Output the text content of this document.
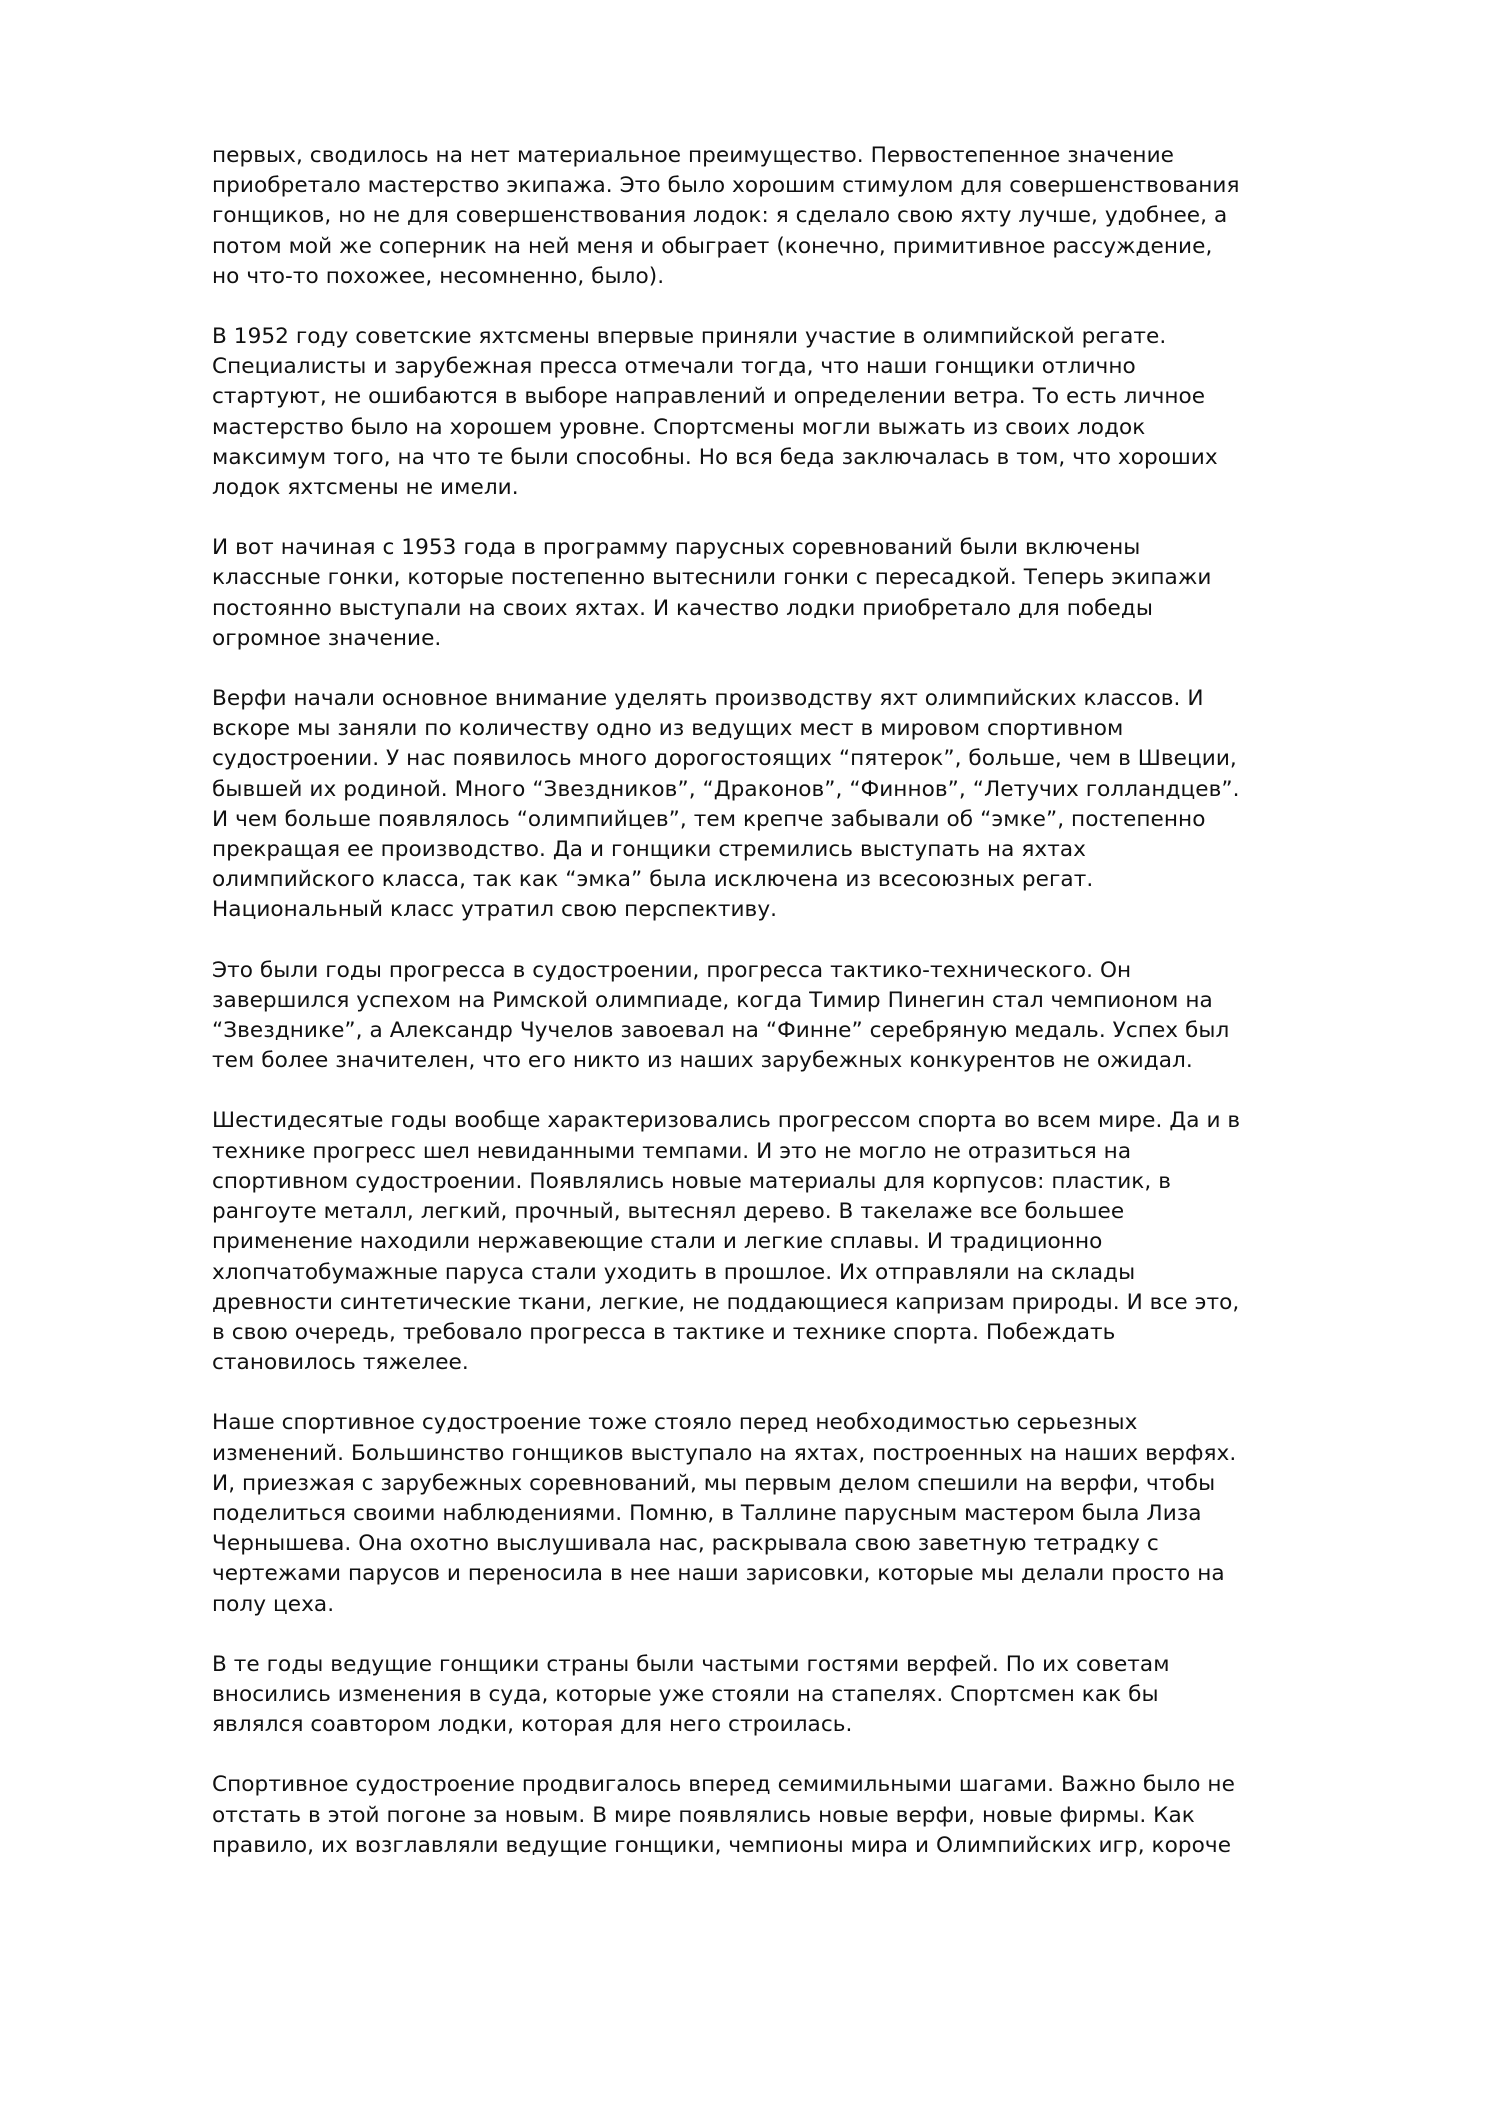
первых, сводилось на нет материальное преимущество. Первостепенное значение
приобретало мастерство экипажа. Это было хорошим стимулом для совершенствования
гонщиков, но не для совершенствования лодок: я сделало свою яхту лучше, удобнее, а
потом мой же соперник на ней меня и обыграет (конечно, примитивное рассуждение,
но что-то похожее, несомненно, было).
В 1952 году советские яхтсмены впервые приняли участие в олимпийской регате.
Специалисты и зарубежная пресса отмечали тогда, что наши гонщики отлично
стартуют, не ошибаются в выборе направлений и определении ветра. То есть личное
мастерство было на хорошем уровне. Спортсмены могли выжать из своих лодок
максимум того, на что те были способны. Но вся беда заключалась в том, что хороших
лодок яхтсмены не имели.
И вот начиная с 1953 года в программу парусных соревнований были включены
классные гонки, которые постепенно вытеснили гонки с пересадкой. Теперь экипажи
постоянно выступали на своих яхтах. И качество лодки приобретало для победы
огромное значение.
Верфи начали основное внимание уделять производству яхт олимпийских классов. И
вскоре мы заняли по количеству одно из ведущих мест в мировом спортивном
судостроении. У нас появилось много дорогостоящих “пятерок”, больше, чем в Швеции,
бывшей их родиной. Много “Звездников”, “Драконов”, “Финнов”, “Летучих голландцев”.
И чем больше появлялось “олимпийцев”, тем крепче забывали об “эмке”, постепенно
прекращая ее производство. Да и гонщики стремились выступать на яхтах
олимпийского класса, так как “эмка” была исключена из всесоюзных регат.
Национальный класс утратил свою перспективу.
Это были годы прогресса в судостроении, прогресса тактико-технического. Он
завершился успехом на Римской олимпиаде, когда Тимир Пинегин стал чемпионом на
“Звезднике”, а Александр Чучелов завоевал на “Финне” серебряную медаль. Успех был
тем более значителен, что его никто из наших зарубежных конкурентов не ожидал.
Шестидесятые годы вообще характеризовались прогрессом спорта во всем мире. Да и в
технике прогресс шел невиданными темпами. И это не могло не отразиться на
спортивном судостроении. Появлялись новые материалы для корпусов: пластик, в
рангоуте металл, легкий, прочный, вытеснял дерево. В такелаже все большее
применение находили нержавеющие стали и легкие сплавы. И традиционно
хлопчатобумажные паруса стали уходить в прошлое. Их отправляли на склады
древности синтетические ткани, легкие, не поддающиеся капризам природы. И все это,
в свою очередь, требовало прогресса в тактике и технике спорта. Побеждать
становилось тяжелее.
Наше спортивное судостроение тоже стояло перед необходимостью серьезных
изменений. Большинство гонщиков выступало на яхтах, построенных на наших верфях.
И, приезжая с зарубежных соревнований, мы первым делом спешили на верфи, чтобы
поделиться своими наблюдениями. Помню, в Таллине парусным мастером была Лиза
Чернышева. Она охотно выслушивала нас, раскрывала свою заветную тетрадку с
чертежами парусов и переносила в нее наши зарисовки, которые мы делали просто на
полу цеха.
В те годы ведущие гонщики страны были частыми гостями верфей. По их советам
вносились изменения в суда, которые уже стояли на стапелях. Спортсмен как бы
являлся соавтором лодки, которая для него строилась.
Спортивное судостроение продвигалось вперед семимильными шагами. Важно было не
отстать в этой погоне за новым. В мире появлялись новые верфи, новые фирмы. Как
правило, их возглавляли ведущие гонщики, чемпионы мира и Олимпийских игр, короче
